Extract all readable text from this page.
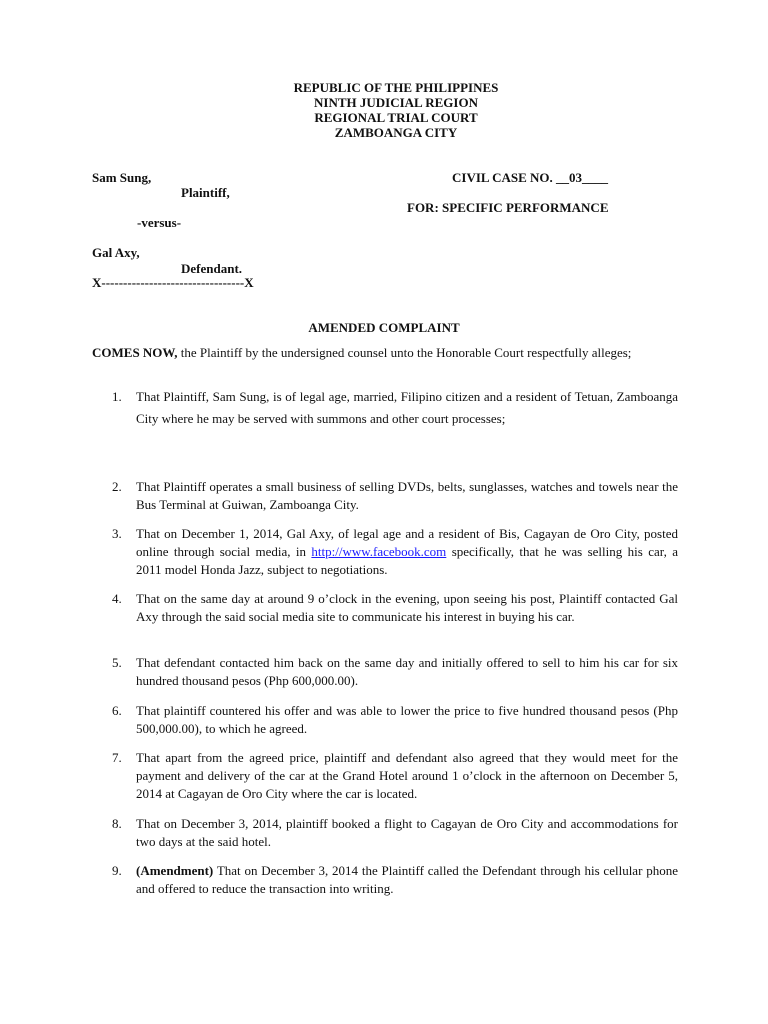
REPUBLIC OF THE PHILIPPINES
NINTH JUDICIAL REGION
REGIONAL TRIAL COURT
ZAMBOANGA CITY
Sam Sung,
Plaintiff,
-versus-
Gal Axy,
Defendant.
X---------------------------------X
CIVIL CASE NO. __03____
FOR: SPECIFIC PERFORMANCE
AMENDED COMPLAINT
COMES NOW, the Plaintiff by the undersigned counsel unto the Honorable Court respectfully alleges;
1.	That Plaintiff, Sam Sung, is of legal age, married, Filipino citizen and a resident of Tetuan, Zamboanga City where he may be served with summons and other court processes;
2.	That Plaintiff operates a small business of selling DVDs, belts, sunglasses, watches and towels near the Bus Terminal at Guiwan, Zamboanga City.
3.	That on December 1, 2014, Gal Axy, of legal age and a resident of Bis, Cagayan de Oro City, posted online through social media, in http://www.facebook.com specifically, that he was selling his car, a 2011 model Honda Jazz, subject to negotiations.
4.	That on the same day at around 9 o’clock in the evening, upon seeing his post, Plaintiff contacted Gal Axy through the said social media site to communicate his interest in buying his car.
5.	That defendant contacted him back on the same day and initially offered to sell to him his car for six hundred thousand pesos (Php 600,000.00).
6.	That plaintiff countered his offer and was able to lower the price to five hundred thousand pesos (Php 500,000.00), to which he agreed.
7.	That apart from the agreed price, plaintiff and defendant also agreed that they would meet for the payment and delivery of the car at the Grand Hotel around 1 o’clock in the afternoon on December 5, 2014 at Cagayan de Oro City where the car is located.
8.	That on December 3, 2014, plaintiff booked a flight to Cagayan de Oro City and accommodations for two days at the said hotel.
9.	(Amendment) That on December 3, 2014 the Plaintiff called the Defendant through his cellular phone and offered to reduce the transaction into writing.
